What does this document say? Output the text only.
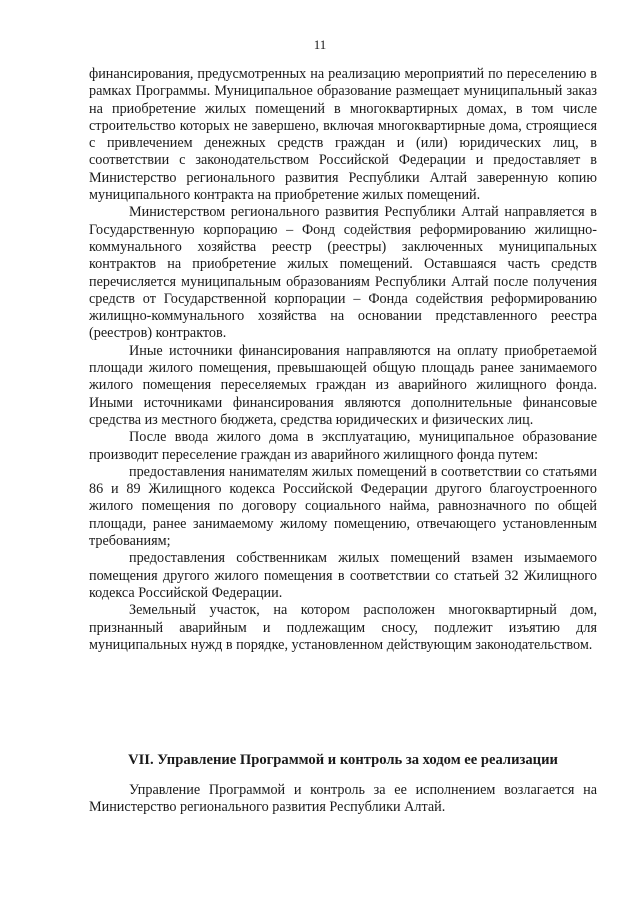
11

финансирования, предусмотренных на реализацию мероприятий по переселению в рамках Программы. Муниципальное образование размещает муниципальный заказ на приобретение жилых помещений в многоквартирных домах, в том числе строительство которых не завершено, включая многоквартирные дома, строящиеся с привлечением денежных средств граждан и (или) юридических лиц, в соответствии с законодательством Российской Федерации и предоставляет в Министерство регионального развития Республики Алтай заверенную копию муниципального контракта на приобретение жилых помещений.

Министерством регионального развития Республики Алтай направляется в Государственную корпорацию – Фонд содействия реформированию жилищно-коммунального хозяйства реестр (реестры) заключенных муниципальных контрактов на приобретение жилых помещений. Оставшаяся часть средств перечисляется муниципальным образованиям Республики Алтай после получения средств от Государственной корпорации – Фонда содействия реформированию жилищно-коммунального хозяйства на основании представленного реестра (реестров) контрактов.

Иные источники финансирования направляются на оплату приобретаемой площади жилого помещения, превышающей общую площадь ранее занимаемого жилого помещения переселяемых граждан из аварийного жилищного фонда. Иными источниками финансирования являются дополнительные финансовые средства из местного бюджета, средства юридических и физических лиц.

После ввода жилого дома в эксплуатацию, муниципальное образование производит переселение граждан из аварийного жилищного фонда путем:

предоставления нанимателям жилых помещений в соответствии со статьями 86 и 89 Жилищного кодекса Российской Федерации другого благоустроенного жилого помещения по договору социального найма, равнозначного по общей площади, ранее занимаемому жилому помещению, отвечающего установленным требованиям;

предоставления собственникам жилых помещений взамен изымаемого помещения другого жилого помещения в соответствии со статьей 32 Жилищного кодекса Российской Федерации.

Земельный участок, на котором расположен многоквартирный дом, признанный аварийным и подлежащим сносу, подлежит изъятию для муниципальных нужд в порядке, установленном действующим законодательством.

VII. Управление Программой и контроль за ходом ее реализации

Управление Программой и контроль за ее исполнением возлагается на Министерство регионального развития Республики Алтай.
